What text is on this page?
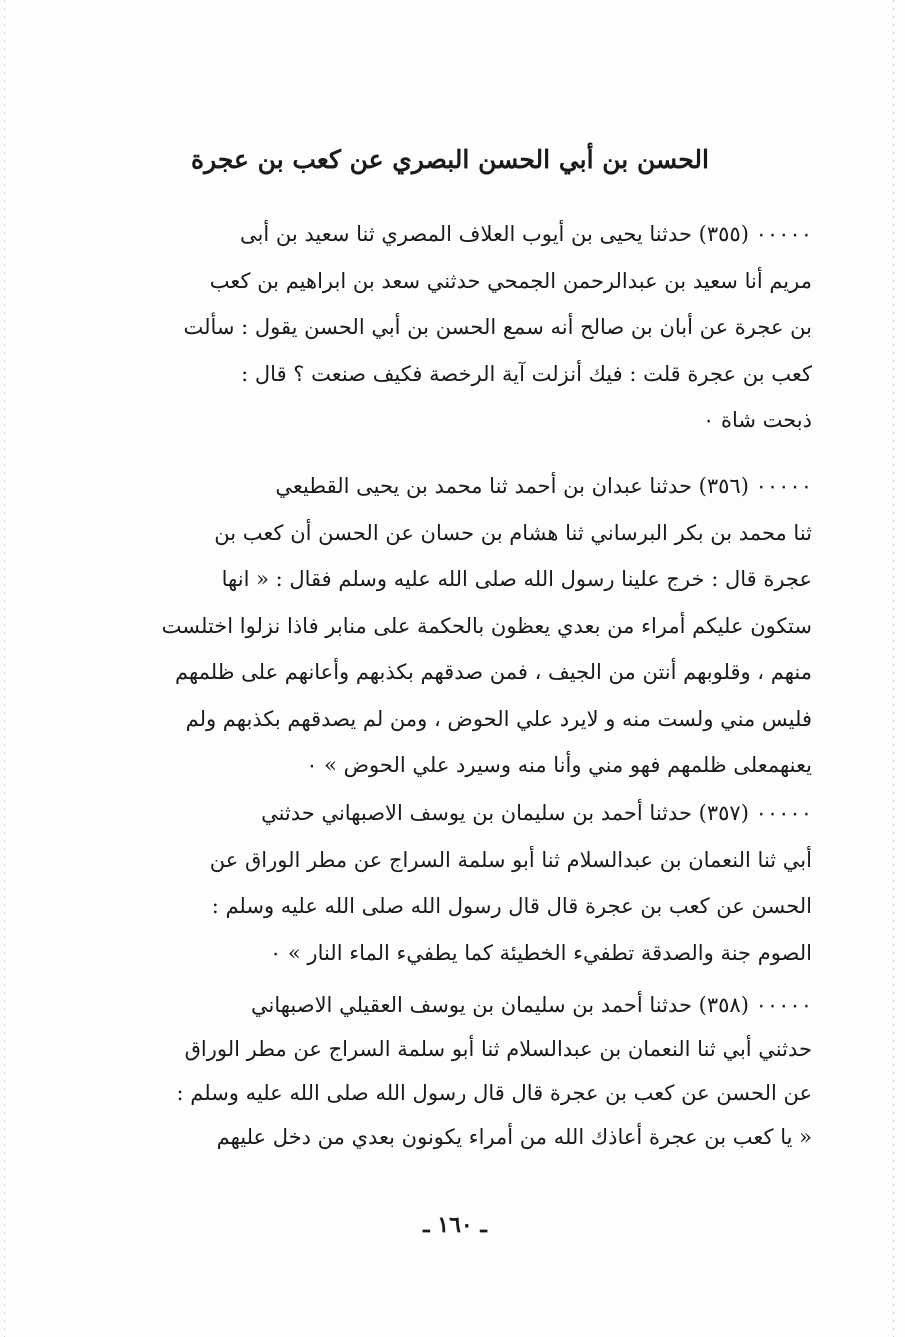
الحسن بن أبي الحسن البصري عن كعب بن عجرة
٠٠٠٠٠ (٣٥٥) حدثنا يحيى بن أيوب العلاف المصري ثنا سعيد بن أبى
مريم أنا سعيد بن عبدالرحمن الجمحي حدثني سعد بن ابراهيم بن كعب
بن عجرة عن أبان بن صالح أنه سمع الحسن بن أبي الحسن يقول : سألت
كعب بن عجرة قلت : فيك أنزلت آية الرخصة فكيف صنعت ؟ قال :
ذبحت شاة ٠
٠٠٠٠٠ (٣٥٦) حدثنا عبدان بن أحمد ثنا محمد بن يحيى القطيعي
ثنا محمد بن بكر البرساني ثنا هشام بن حسان عن الحسن أن كعب بن
عجرة قال : خرج علينا رسول الله صلى الله عليه وسلم فقال : « انها
ستكون عليكم أمراء من بعدي يعظون بالحكمة على منابر فاذا نزلوا اختلست
منهم ، وقلوبهم أنتن من الجيف ، فمن صدقهم بكذبهم وأعانهم على ظلمهم
فليس مني ولست منه و لايرد علي الحوض ، ومن لم يصدقهم بكذبهم ولم
يعنهمعلى ظلمهم فهو مني وأنا منه وسيرد علي الحوض » ٠
٠٠٠٠٠ (٣٥٧) حدثنا أحمد بن سليمان بن يوسف الاصبهاني حدثني
أبي ثنا النعمان بن عبدالسلام ثنا أبو سلمة السراج عن مطر الوراق عن
الحسن عن كعب بن عجرة قال قال رسول الله صلى الله عليه وسلم :
الصوم جنة والصدقة تطفيء الخطيئة كما يطفيء الماء النار » ٠
٠٠٠٠٠ (٣٥٨) حدثنا أحمد بن سليمان بن يوسف العقيلي الاصبهاني
حدثني أبي ثنا النعمان بن عبدالسلام ثنا أبو سلمة السراج عن مطر الوراق
عن الحسن عن كعب بن عجرة قال قال رسول الله صلى الله عليه وسلم :
« يا كعب بن عجرة أعاذك الله من أمراء يكونون بعدي من دخل عليهم
ـ ١٦٠ ـ
